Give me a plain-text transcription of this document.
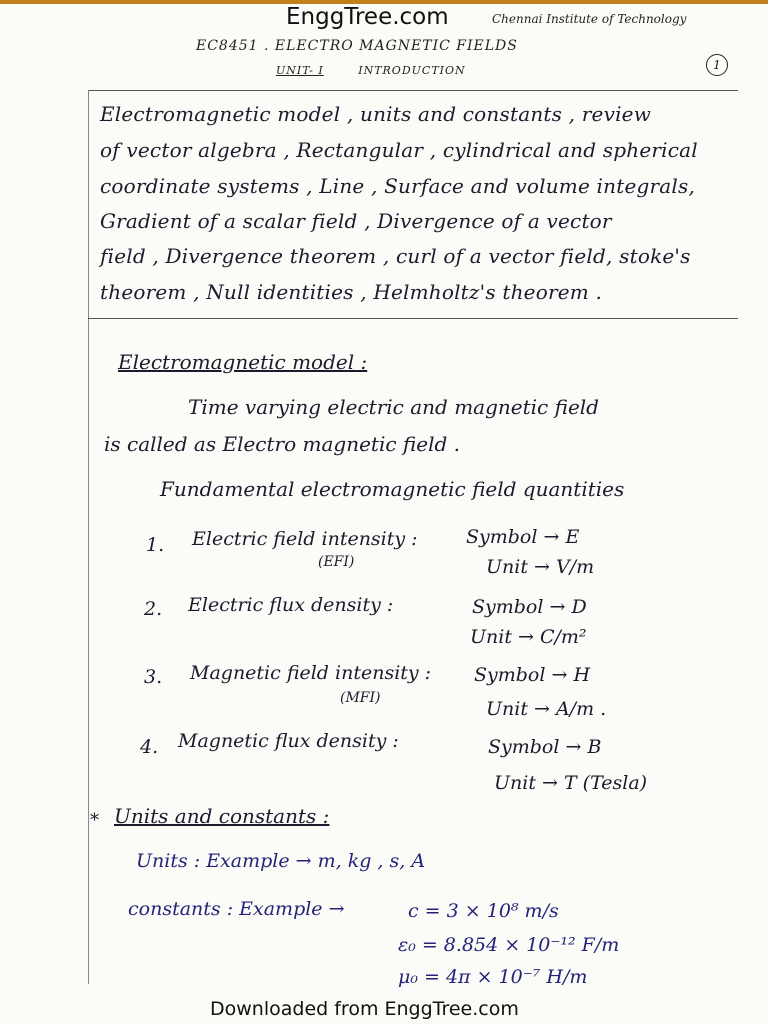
EnggTree.com	Chennai Institute of Technology
EC8451 . ELECTRO MAGNETIC FIELDS
UNIT- I	INTRODUCTION	1
Electromagnetic model , units and constants , review
of vector algebra , Rectangular , cylindrical and spherical
coordinate systems , Line , Surface and volume integrals,
Gradient of a scalar field , Divergence of a vector
field , Divergence theorem , curl of a vector field, stoke's
theorem , Null identities , Helmholtz's theorem .
Electromagnetic model :
Time varying electric and magnetic field
is called as Electro magnetic field .
Fundamental electromagnetic field quantities
1. Electric field intensity :
(EFI)
Symbol → E
Unit → V/m
2. Electric flux density :	Symbol → D
Unit → C/m²
3. Magnetic field intensity :
(MFI)
Symbol → H
Unit → A/m .
4. Magnetic flux density :	Symbol → B
Unit → T (Tesla)
* Units and constants :
Units : Example → m, kg , s, A
constants : Example →	c = 3 × 10⁸ m/s
ε₀ = 8.854 × 10⁻¹² F/m
μ₀ = 4π × 10⁻⁷ H/m
Downloaded from EnggTree.com
